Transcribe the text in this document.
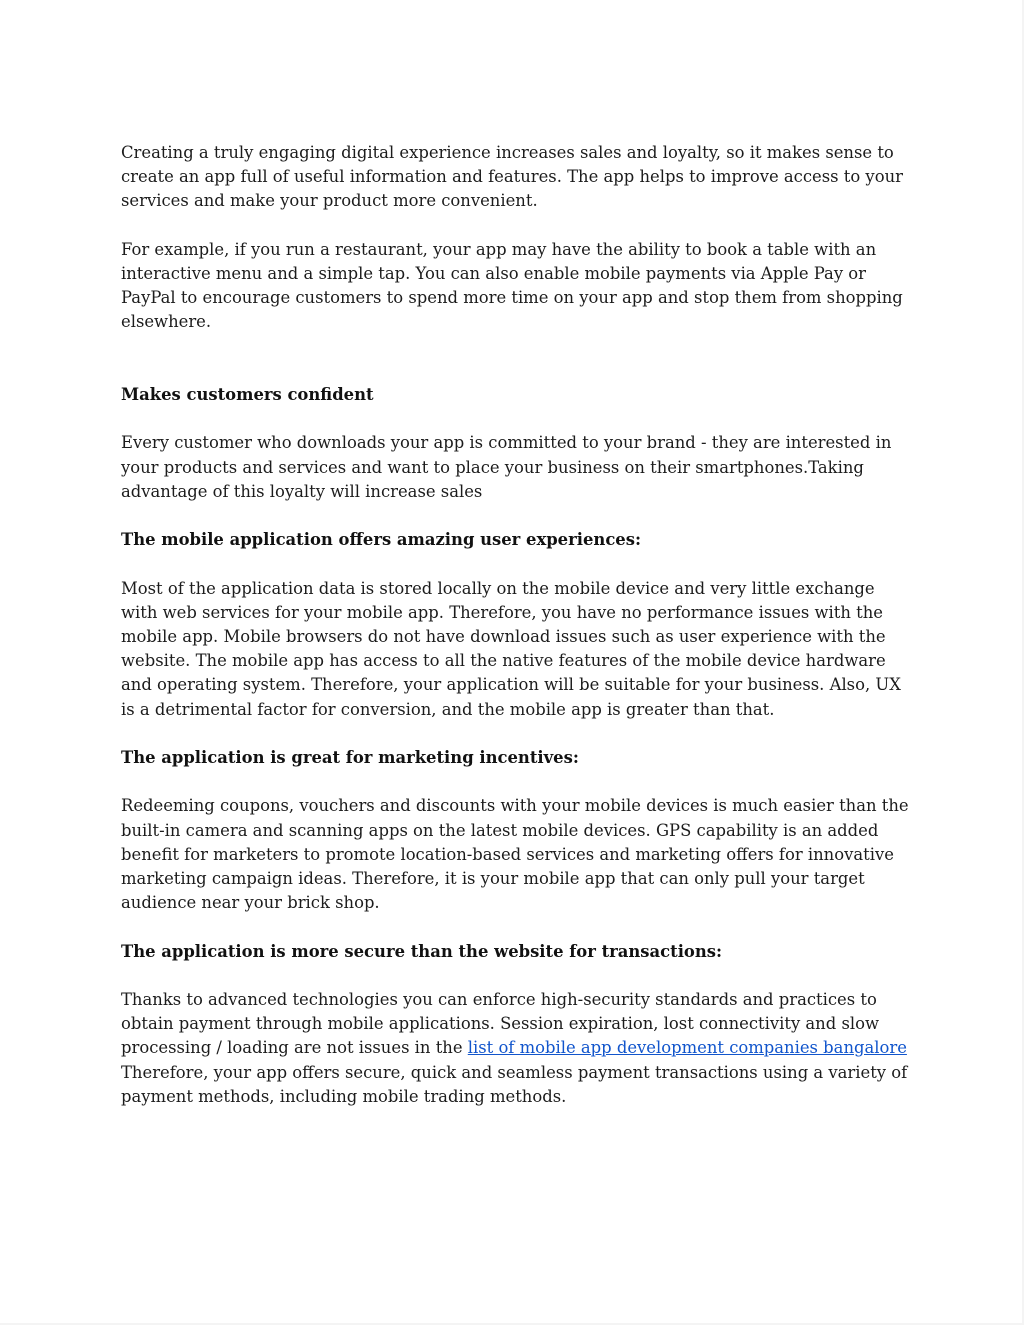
Creating a truly engaging digital experience increases sales and loyalty, so it makes sense to create an app full of useful information and features. The app helps to improve access to your services and make your product more convenient.

For example, if you run a restaurant, your app may have the ability to book a table with an interactive menu and a simple tap. You can also enable mobile payments via Apple Pay or PayPal to encourage customers to spend more time on your app and stop them from shopping elsewhere.

Makes customers confident

Every customer who downloads your app is committed to your brand - they are interested in your products and services and want to place your business on their smartphones.Taking advantage of this loyalty will increase sales

The mobile application offers amazing user experiences:

Most of the application data is stored locally on the mobile device and very little exchange with web services for your mobile app. Therefore, you have no performance issues with the mobile app. Mobile browsers do not have download issues such as user experience with the website. The mobile app has access to all the native features of the mobile device hardware and operating system. Therefore, your application will be suitable for your business. Also, UX is a detrimental factor for conversion, and the mobile app is greater than that.

The application is great for marketing incentives:

Redeeming coupons, vouchers and discounts with your mobile devices is much easier than the built-in camera and scanning apps on the latest mobile devices. GPS capability is an added benefit for marketers to promote location-based services and marketing offers for innovative marketing campaign ideas. Therefore, it is your mobile app that can only pull your target audience near your brick shop.

The application is more secure than the website for transactions:

Thanks to advanced technologies you can enforce high-security standards and practices to obtain payment through mobile applications. Session expiration, lost connectivity and slow processing / loading are not issues in the list of mobile app development companies bangalore Therefore, your app offers secure, quick and seamless payment transactions using a variety of payment methods, including mobile trading methods.
